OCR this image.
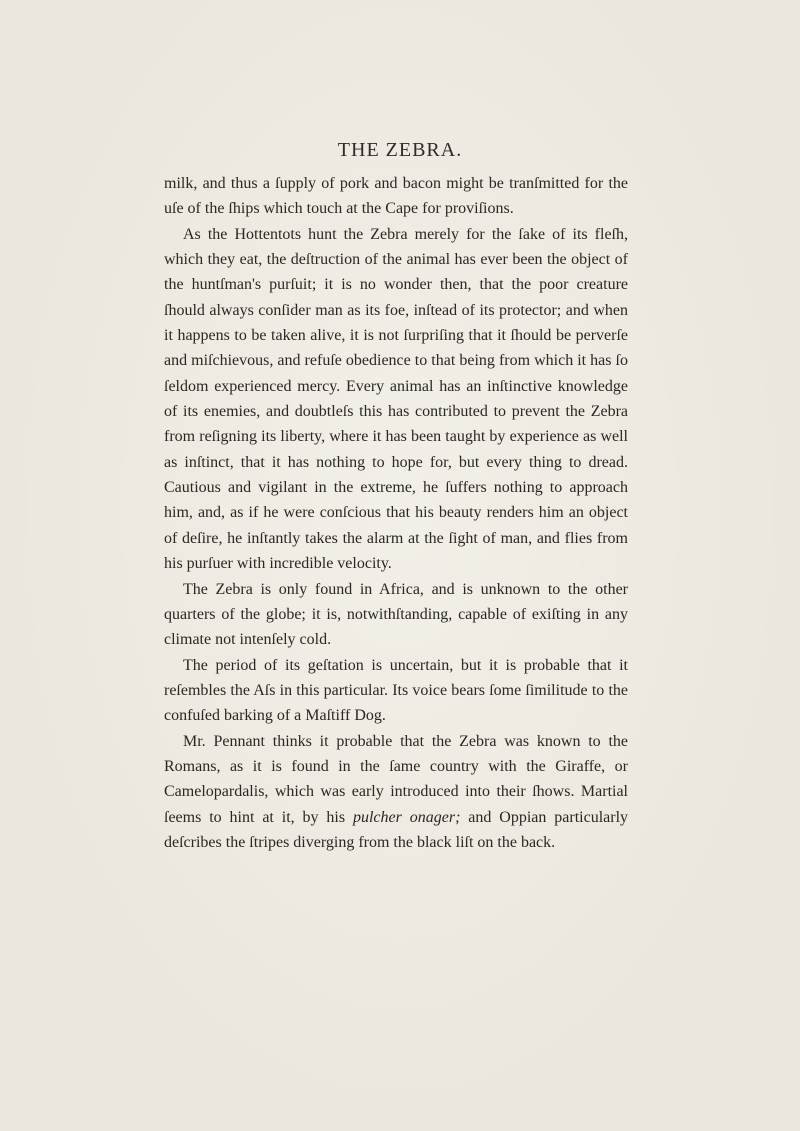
THE ZEBRA.

milk, and thus a ſupply of pork and bacon might be tranſmitted for the uſe of the ſhips which touch at the Cape for proviſions.

As the Hottentots hunt the Zebra merely for the ſake of its fleſh, which they eat, the deſtruction of the animal has ever been the object of the huntſman's purſuit; it is no wonder then, that the poor creature ſhould always conſider man as its foe, inſtead of its protector; and when it happens to be taken alive, it is not ſurpriſing that it ſhould be perverſe and miſchievous, and refuſe obedience to that being from which it has ſo ſeldom experienced mercy. Every animal has an inſtinctive knowledge of its enemies, and doubtleſs this has contributed to prevent the Zebra from reſigning its liberty, where it has been taught by experience as well as inſtinct, that it has nothing to hope for, but every thing to dread. Cautious and vigilant in the extreme, he ſuffers nothing to approach him, and, as if he were conſcious that his beauty renders him an object of deſire, he inſtantly takes the alarm at the ſight of man, and flies from his purſuer with incredible velocity.

The Zebra is only found in Africa, and is unknown to the other quarters of the globe; it is, notwithſtanding, capable of exiſting in any climate not intenſely cold.

The period of its geſtation is uncertain, but it is probable that it reſembles the Aſs in this particular. Its voice bears ſome ſimilitude to the confuſed barking of a Maſtiff Dog.

Mr. Pennant thinks it probable that the Zebra was known to the Romans, as it is found in the ſame country with the Giraffe, or Camelopardalis, which was early introduced into their ſhows. Martial ſeems to hint at it, by his pulcher onager; and Oppian particularly deſcribes the ſtripes diverging from the black liſt on the back.
